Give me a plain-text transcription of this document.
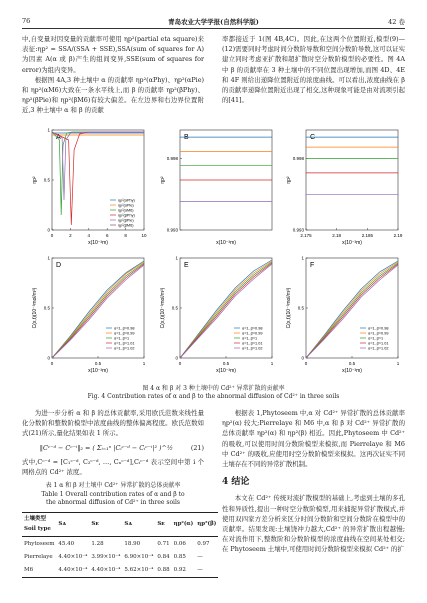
76	青岛农业大学学报(自然科学版)	42 卷

中,自变量对因变量的贡献率可使用 ηp²(partial eta square)来表征:ηp² = SSA/(SSA + SSE),SSA(sum of squares for A)为因素 A(α 或 β)产生的组间变异,SSE(sum of squares for error)为组内变异。

根据图 4A,3 种土壤中 α 的贡献率 ηp²(αPhy)、ηp²(αPie)和 ηp²(αM6)大致在一条水平线上,而 β 的贡献率 ηp²(βPhy)、ηp²(βPie)和 ηp²(βM6)有较大偏差。在左边界和右边界位置附近,3 种土壤中 α 和 β 的贡献

率都接近于 1(图 4B,4C)。因此,在这两个位置附近,模型(9)—(12)需要同时考虑时间分数阶导数和空间分数阶导数,这可以证实建立同时考虑亚扩散和超扩散时空分数阶模型的必要性。图 4A 中 β 的贡献率在 3 种土壤中的不同位置出现增加,而图 4D、4E 和 4F 则给出递降位置附近的浓度曲线。可以看出,浓度曲线在 β 的贡献率递降位置附近出现了相交,这种现象可能是由对流项引起的[41]。

A
0	2	4	6	8	10
0
0.5
1
x(10⁻³m)
ηp²
ηp²(αPhy)
ηp²(αPie)
ηp²(αM6)
ηp²(βPhy)
ηp²(βPie)
ηp²(βM6)
B
0.993
0.998
x(10⁻³m)
ηp²
C
2.175	2.18	2.185	2.19
0.993
0.998
x(10⁻³m)
ηp²
D
0	0.5	1
0
0.5
1
x(10⁻³m)
C(x,t)(10⁻³mol/m³)
α=1, β=0.98
α=1, β=0.99
α=1, β=1
α=1, β=1.01
α=1, β=1.02
E
0	0.5	1
0
0.5
1
x(10⁻³m)
C(x,t)(10⁻³mol/m³)
α=1, β=0.98
α=1, β=0.99
α=1, β=1
α=1, β=1.01
α=1, β=1.02
F
0	0.5	1
0
0.5
1
x(10⁻³m)
C(x,t)(10⁻³mol/m³)
α=1, β=0.98
α=1, β=0.99
α=1, β=1
α=1, β=1.01
α=1, β=1.02
图 4 α 和 β 对 3 种土壤中的 Cd²⁺ 异常扩散的贡献率
Fig. 4 Contribution rates of α and β to the abnormal diffusion of Cd²⁺ in three soils

为进一步分析 α 和 β 的总体贡献率,采用欧氏范数来线性量化分数阶和整数阶模型中浓度曲线的整体偏离程度。欧氏范数如式(21)所示,量化结果如表 1 所示。

‖Cᶜ⁻ᵈ − Cᶜ⁻ⁱ‖₂ = ( Σᵢ₌₁ⁿ |Cᵢᶜ⁻ᵈ − Cᵢᶜ⁻ⁱ|² )^½	(21)

式中,Cᶜ⁻ᵈ = [C₁ᶜ⁻ᵈ, C₂ᶜ⁻ᵈ, …, Cₙᶜ⁻ᵈ],Cᵢᶜ⁻ᵈ 表示空间中第 i 个网格点的 Cd²⁺ 浓度。

表 1 α 和 β 对土壤中 Cd²⁺ 异常扩散的总体贡献率
Table 1 Overall contribution rates of α and β to
the abnormal diffusion of Cd²⁺ in three soils
土壤类型 Soil type	Sᴀ	Sᴇ	Sᴀ	Sᴇ	ηp²(α)	ηp²(β)
Phytoseem	45.40	1.28	18.90	0.71	0.06	0.97
Pierrelaye	4.40×10⁻⁴	3.99×10⁻⁴	6.90×10⁻⁴	0.84	0.85	—
M6	4.40×10⁻⁴	4.40×10⁻⁴	5.62×10⁻⁴	0.88	0.92	—

根据表 1,Phytoseem 中,α 对 Cd²⁺ 异常扩散的总体贡献率 ηp²(α) 较大;Pierrelaye 和 M6 中,α 和 β 对 Cd²⁺ 异常扩散的总体贡献率 ηp²(α) 和 ηp²(β) 相近。因此,Phytoseem 中 Cd²⁺ 的吸收,可以使用时间分数阶模型来模拟,而 Pierrelaye 和 M6 中 Cd²⁺ 的吸收,应使用时空分数阶模型来模拟。这再次证实不同土壤存在不同的异常扩散机制。

4 结论

本文在 Cd²⁺ 传统对流扩散模型的基础上,考虑到土壤的多孔性和异质性,提出一种时空分数阶模型,用来捕捉异常扩散模式,并使用双四家方差分析来区分时间分数阶和空间分数阶在模型中的贡献率。结果发现:土壤饶冲力越大,Cd²⁺ 的异常扩散出程越慢;在对流作用下,整数阶和分数阶模型的浓度曲线在空间某处相交;在 Phytoseem 土壤中,可使用时间分数阶模型来模拟 Cd²⁺ 的扩
